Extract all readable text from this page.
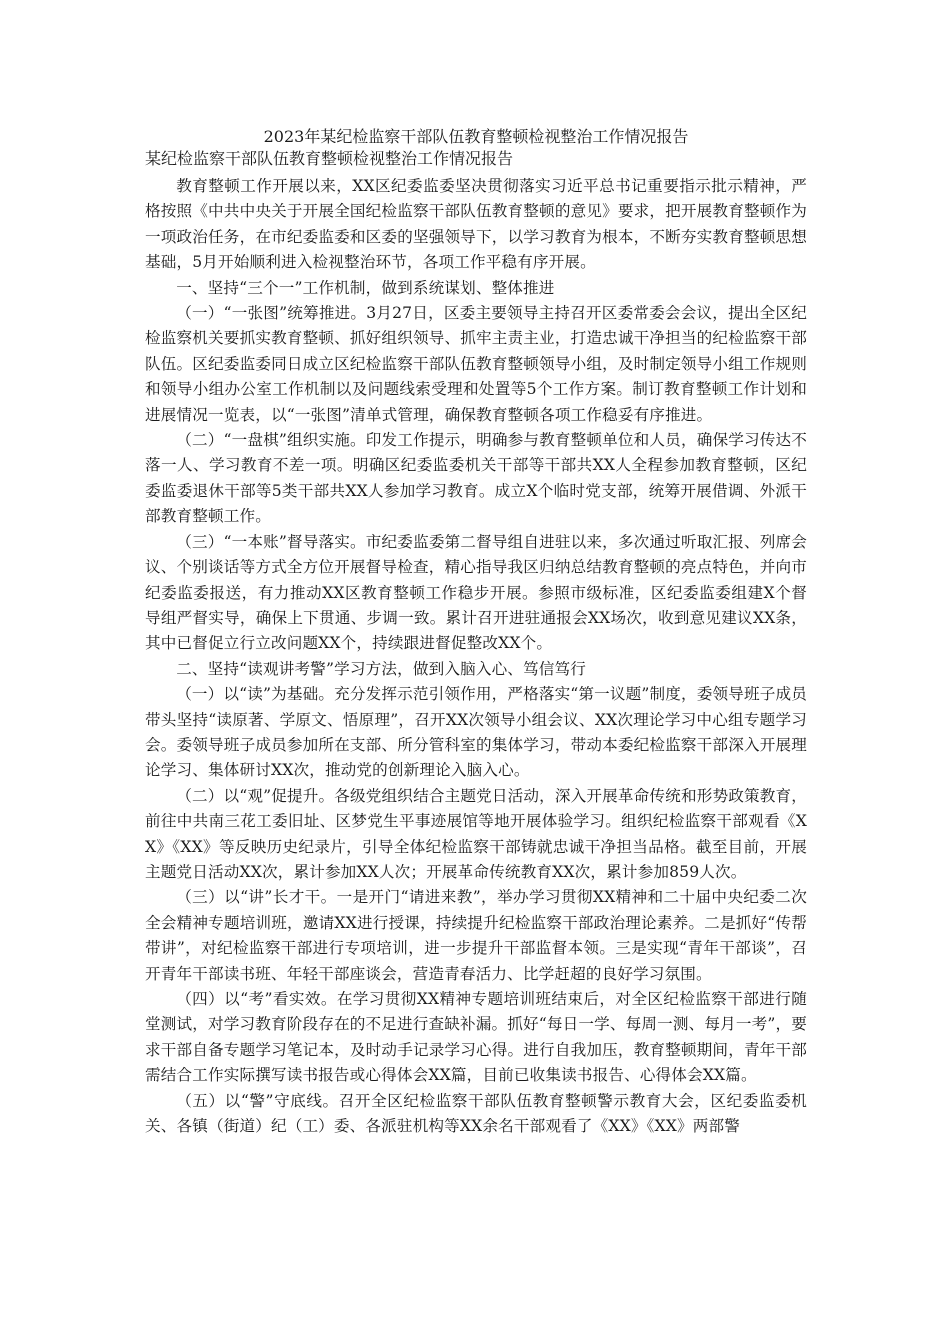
2023年某纪检监察干部队伍教育整顿检视整治工作情况报告

某纪检监察干部队伍教育整顿检视整治工作情况报告

教育整顿工作开展以来，XX区纪委监委坚决贯彻落实习近平总书记重要指示批示精神，严格按照《中共中央关于开展全国纪检监察干部队伍教育整顿的意见》要求，把开展教育整顿作为一项政治任务，在市纪委监委和区委的坚强领导下，以学习教育为根本，不断夯实教育整顿思想基础，5月开始顺利进入检视整治环节，各项工作平稳有序开展。

一、坚持“三个一”工作机制，做到系统谋划、整体推进

（一）“一张图”统筹推进。3月27日，区委主要领导主持召开区委常委会会议，提出全区纪检监察机关要抓实教育整顿、抓好组织领导、抓牢主责主业，打造忠诚干净担当的纪检监察干部队伍。区纪委监委同日成立区纪检监察干部队伍教育整顿领导小组，及时制定领导小组工作规则和领导小组办公室工作机制以及问题线索受理和处置等5个工作方案。制订教育整顿工作计划和进展情况一览表，以“一张图”清单式管理，确保教育整顿各项工作稳妥有序推进。

（二）“一盘棋”组织实施。印发工作提示，明确参与教育整顿单位和人员，确保学习传达不落一人、学习教育不差一项。明确区纪委监委机关干部等干部共XX人全程参加教育整顿，区纪委监委退休干部等5类干部共XX人参加学习教育。成立X个临时党支部，统筹开展借调、外派干部教育整顿工作。

（三）“一本账”督导落实。市纪委监委第二督导组自进驻以来，多次通过听取汇报、列席会议、个别谈话等方式全方位开展督导检查，精心指导我区归纳总结教育整顿的亮点特色，并向市纪委监委报送，有力推动XX区教育整顿工作稳步开展。参照市级标准，区纪委监委组建X个督导组严督实导，确保上下贯通、步调一致。累计召开进驻通报会XX场次，收到意见建议XX条，其中已督促立行立改问题XX个，持续跟进督促整改XX个。

二、坚持“读观讲考警”学习方法，做到入脑入心、笃信笃行

（一）以“读”为基础。充分发挥示范引领作用，严格落实“第一议题”制度，委领导班子成员带头坚持“读原著、学原文、悟原理”，召开XX次领导小组会议、XX次理论学习中心组专题学习会。委领导班子成员参加所在支部、所分管科室的集体学习，带动本委纪检监察干部深入开展理论学习、集体研讨XX次，推动党的创新理论入脑入心。

（二）以“观”促提升。各级党组织结合主题党日活动，深入开展革命传统和形势政策教育，前往中共南三花工委旧址、区梦党生平事迹展馆等地开展体验学习。组织纪检监察干部观看《XX》《XX》等反映历史纪录片，引导全体纪检监察干部铸就忠诚干净担当品格。截至目前，开展主题党日活动XX次，累计参加XX人次；开展革命传统教育XX次，累计参加859人次。

（三）以“讲”长才干。一是开门“请进来教”，举办学习贯彻XX精神和二十届中央纪委二次全会精神专题培训班，邀请XX进行授课，持续提升纪检监察干部政治理论素养。二是抓好“传帮带讲”，对纪检监察干部进行专项培训，进一步提升干部监督本领。三是实现“青年干部谈”，召开青年干部读书班、年轻干部座谈会，营造青春活力、比学赶超的良好学习氛围。

（四）以“考”看实效。在学习贯彻XX精神专题培训班结束后，对全区纪检监察干部进行随堂测试，对学习教育阶段存在的不足进行查缺补漏。抓好“每日一学、每周一测、每月一考”，要求干部自备专题学习笔记本，及时动手记录学习心得。进行自我加压，教育整顿期间，青年干部需结合工作实际撰写读书报告或心得体会XX篇，目前已收集读书报告、心得体会XX篇。

（五）以“警”守底线。召开全区纪检监察干部队伍教育整顿警示教育大会，区纪委监委机关、各镇（街道）纪（工）委、各派驻机构等XX余名干部观看了《XX》《XX》两部警
